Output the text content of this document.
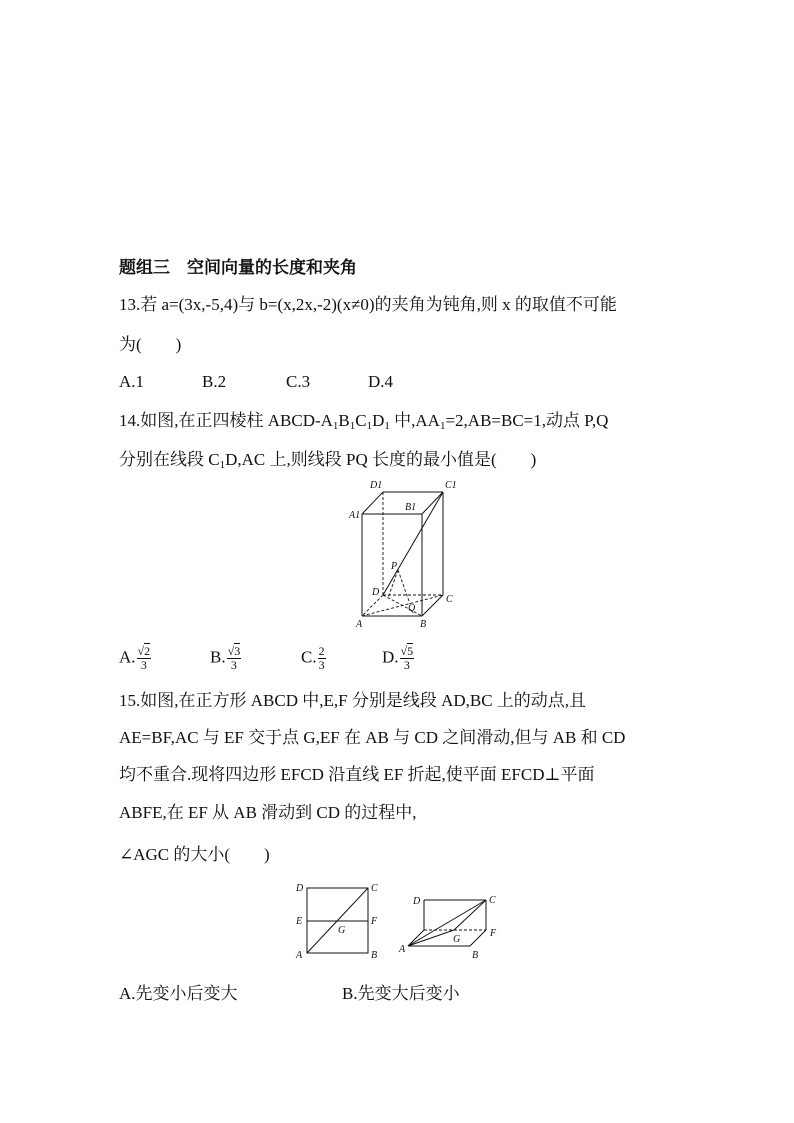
题组三　空间向量的长度和夹角
13.若 a=(3x,-5,4)与 b=(x,2x,-2)(x≠0)的夹角为钝角,则 x 的取值不可能
为(　　)
A.1	B.2	C.3	D.4
14.如图,在正四棱柱 ABCD-$A_1B_1C_1D_1$ 中$,AA_1=2,AB=BC=1$,动点 P,Q
分别在线段 $C_1D,AC$ 上,则线段 PQ 长度的最小值是(　　)
D1	C1
A1
B1
P
D
C
Q
A	B
A. $\frac{√2}{3}$	B. $\frac{√3}{3}$	C. $\frac{2}{3}$	D. $\frac{√5}{3}$
15.如图,在正方形 ABCD 中,E,F 分别是线段 AD,BC 上的动点,且
AE=BF,AC 与 EF 交于点 G,EF 在 AB 与 CD 之间滑动,但与 AB 和 CD
均不重合.现将四边形 EFCD 沿直线 EF 折起,使平面 EFCD⊥平面
ABFE,在 EF 从 AB 滑动到 CD 的过程中,
∠AGC 的大小(　　)
D	C
E	F
G
A	B
D	C
A
G
F
B
A.先变小后变大	B.先变大后变小
